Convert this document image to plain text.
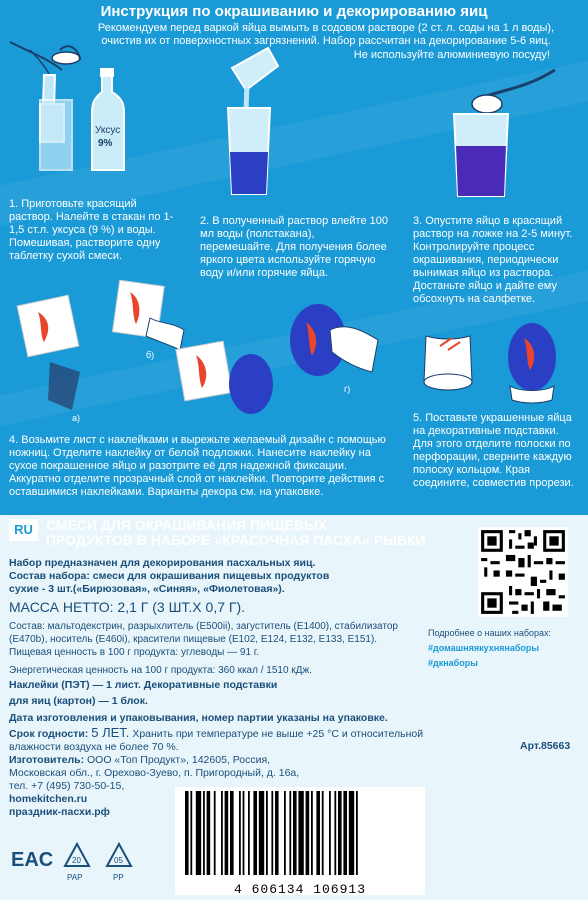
Уксус
9%
а)
б)
в)
г)
Инструкция по окрашиванию и декорированию яиц
Рекомендуем перед варкой яйца вымыть в содовом растворе (2 ст. л. соды на 1 л воды), очистив их от поверхностных загрязнений. Набор рассчитан на декорирование 5-6 яиц.
Не используйте алюминиевую посуду!
1. Приготовьте красящий раствор. Налейте в стакан по 1-1,5 ст.л. уксуса (9 %) и воды. Помешивая, растворите одну таблетку сухой смеси.
2. В полученный раствор влейте 100 мл воды (полстакана), перемешайте. Для получения более яркого цвета используйте горячую воду и/или горячие яйца.
3. Опустите яйцо в красящий раствор на ложке на 2-5 минут. Контролируйте процесс окрашивания, периодически вынимая яйцо из раствора. Достаньте яйцо и дайте ему обсохнуть на салфетке.
4. Возьмите лист с наклейками и вырежьте желаемый дизайн с помощью ножниц. Отделите наклейку от белой подложки. Нанесите наклейку на сухое покрашенное яйцо и разотрите её для надежной фиксации. Аккуратно отделите прозрачный слой от наклейки. Повторите действия с оставшимися наклейками. Варианты декора см. на упаковке.
5. Поставьте украшенные яйца на декоративные подставки. Для этого отделите полоски по перфорации, сверните каждую полоску кольцом. Края соедините, совместив прорези.
RU СМЕСИ ДЛЯ ОКРАШИВАНИЯ ПИЩЕВЫХ
ПРОДУКТОВ В НАБОРЕ «КРАСОЧНАЯ ПАСХА» РЫБКИ
Набор предназначен для декорирования пасхальных яиц.
Состав набора: смеси для окрашивания пищевых продуктов
сухие - 3 шт.(«Бирюзовая», «Синяя», «Фиолетовая»).
МАССА НЕТТО: 2,1 Г (3 ШТ.Х 0,7 Г).
Состав: мальтодекстрин, разрыхлитель (E500ii), загуститель (E1400), стабилизатор (E470b), носитель (E460i), красители пищевые (E102, E124, E132, E133, E151). Пищевая ценность в 100 г продукта: углеводы — 91 г.
Энергетическая ценность на 100 г продукта: 360 ккал / 1510 кДж.
Наклейки (ПЭТ) — 1 лист. Декоративные подставки
для яиц (картон) — 1 блок.
Дата изготовления и упаковывания, номер партии указаны на упаковке.
Срок годности: 5 ЛЕТ. Хранить при температуре не выше +25 °С и относительной влажности воздуха не более 70 %.
Изготовитель: ООО «Топ Продукт», 142605, Россия, Московская обл., г. Орехово-Зуево, п. Пригородный, д. 16а,
тел. +7 (495) 730-50-15,
homekitchen.ru
праздник-пасхи.рф
Арт.85663
Подробнее о наших наборах:
#домашняякухнянаборы
#дкнаборы
EAC 20
PAP
05
PP
4 606134 106913
